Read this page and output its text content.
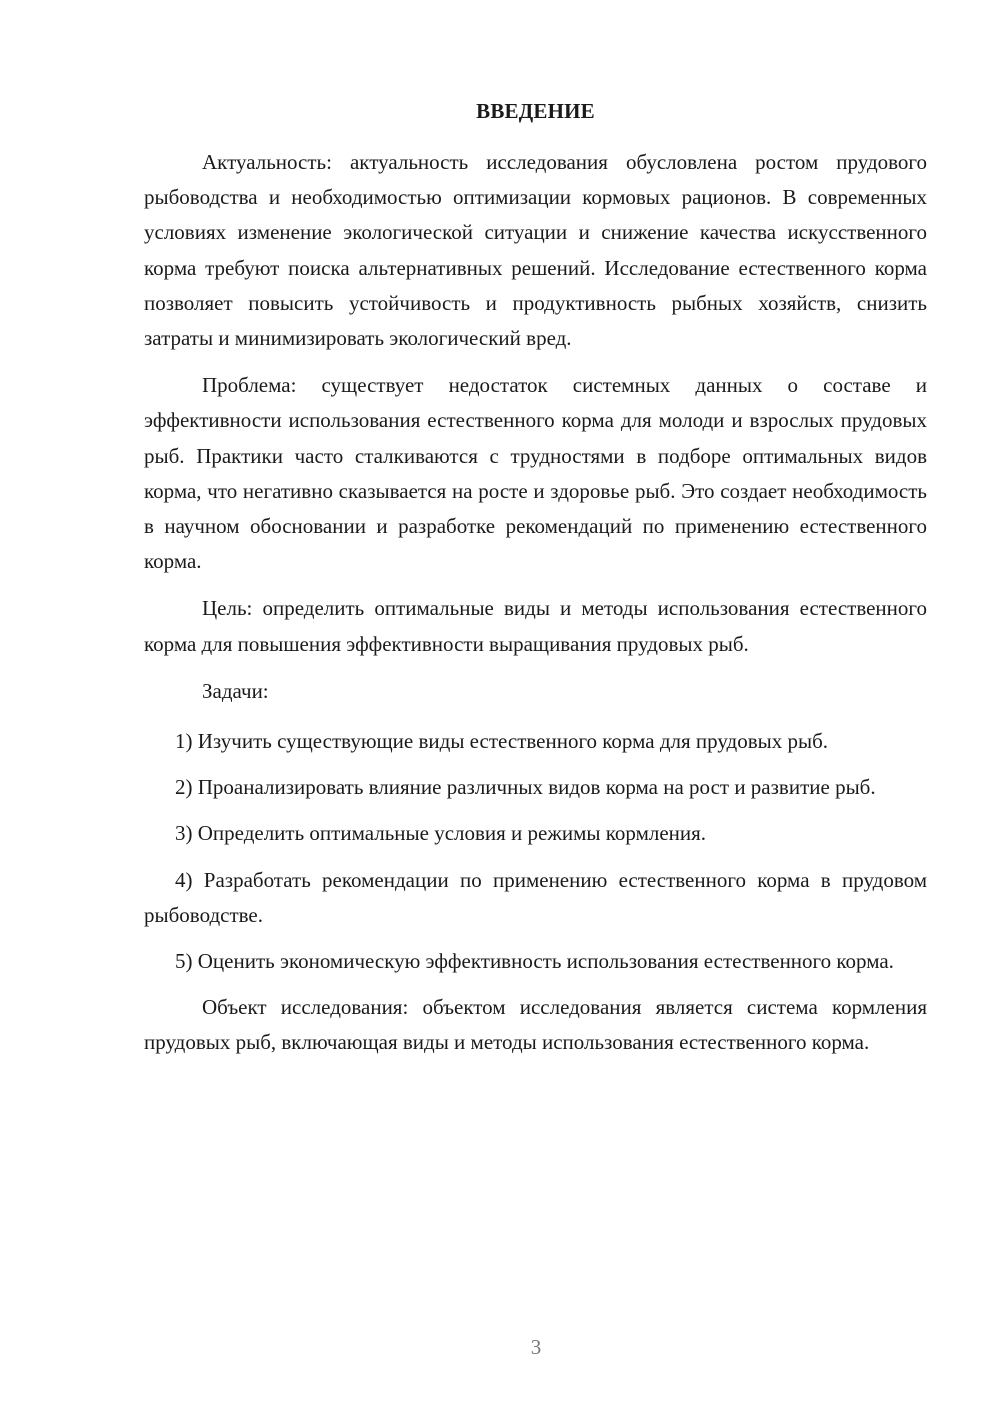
ВВЕДЕНИЕ

Актуальность: актуальность исследования обусловлена ростом прудового рыбоводства и необходимостью оптимизации кормовых рационов. В современных условиях изменение экологической ситуации и снижение качества искусственного корма требуют поиска альтернативных решений. Исследование естественного корма позволяет повысить устойчивость и продуктивность рыбных хозяйств, снизить затраты и минимизировать экологический вред.

Проблема: существует недостаток системных данных о составе и эффективности использования естественного корма для молоди и взрослых прудовых рыб. Практики часто сталкиваются с трудностями в подборе оптимальных видов корма, что негативно сказывается на росте и здоровье рыб. Это создает необходимость в научном обосновании и разработке рекомендаций по применению естественного корма.

Цель: определить оптимальные виды и методы использования естественного корма для повышения эффективности выращивания прудовых рыб.

Задачи:

1) Изучить существующие виды естественного корма для прудовых рыб.

2) Проанализировать влияние различных видов корма на рост и развитие рыб.

3) Определить оптимальные условия и режимы кормления.

4) Разработать рекомендации по применению естественного корма в прудовом рыбоводстве.

5) Оценить экономическую эффективность использования естественного корма.

Объект исследования: объектом исследования является система кормления прудовых рыб, включающая виды и методы использования естественного корма.

3
